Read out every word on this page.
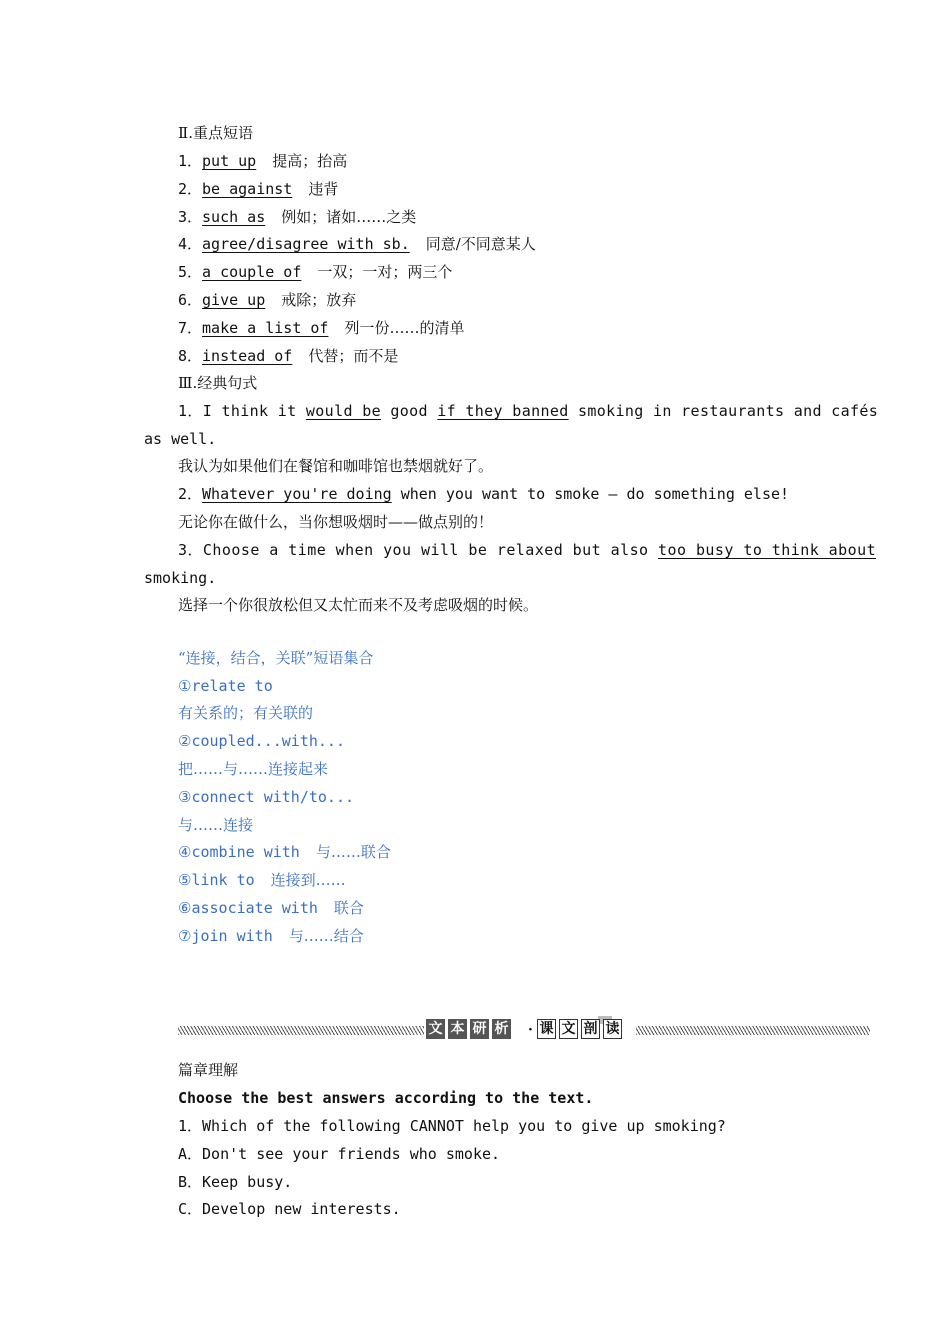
Ⅱ.重点短语
1．put up 提高；抬高
2．be against 违背
3．such as 例如；诸如……之类
4．agree/disagree with sb. 同意/不同意某人
5．a couple of 一双；一对；两三个
6．give up 戒除；放弃
7．make a list of 列一份……的清单
8．instead of 代替；而不是
Ⅲ.经典句式
1．I think it would be good if they banned smoking in restaurants and cafés
as well.
我认为如果他们在餐馆和咖啡馆也禁烟就好了。
2．Whatever you're doing when you want to smoke — do something else!
无论你在做什么，当你想吸烟时——做点别的！
3．Choose a time when you will be relaxed but also too busy to think about
smoking.
选择一个你很放松但又太忙而来不及考虑吸烟的时候。
“连接，结合，关联”短语集合
①relate to
有关系的；有关联的
②coupled...with...
把……与……连接起来
③connect with/to...
与……连接
④combine with 与……联合
⑤link to 连接到……
⑥associate with 联合
⑦join with 与……结合
文 本 研 析 · 课 文 剖 读
篇章理解
Choose the best answers according to the text.
1．Which of the following CANNOT help you to give up smoking?
A．Don't see your friends who smoke.
B．Keep busy.
C．Develop new interests.
